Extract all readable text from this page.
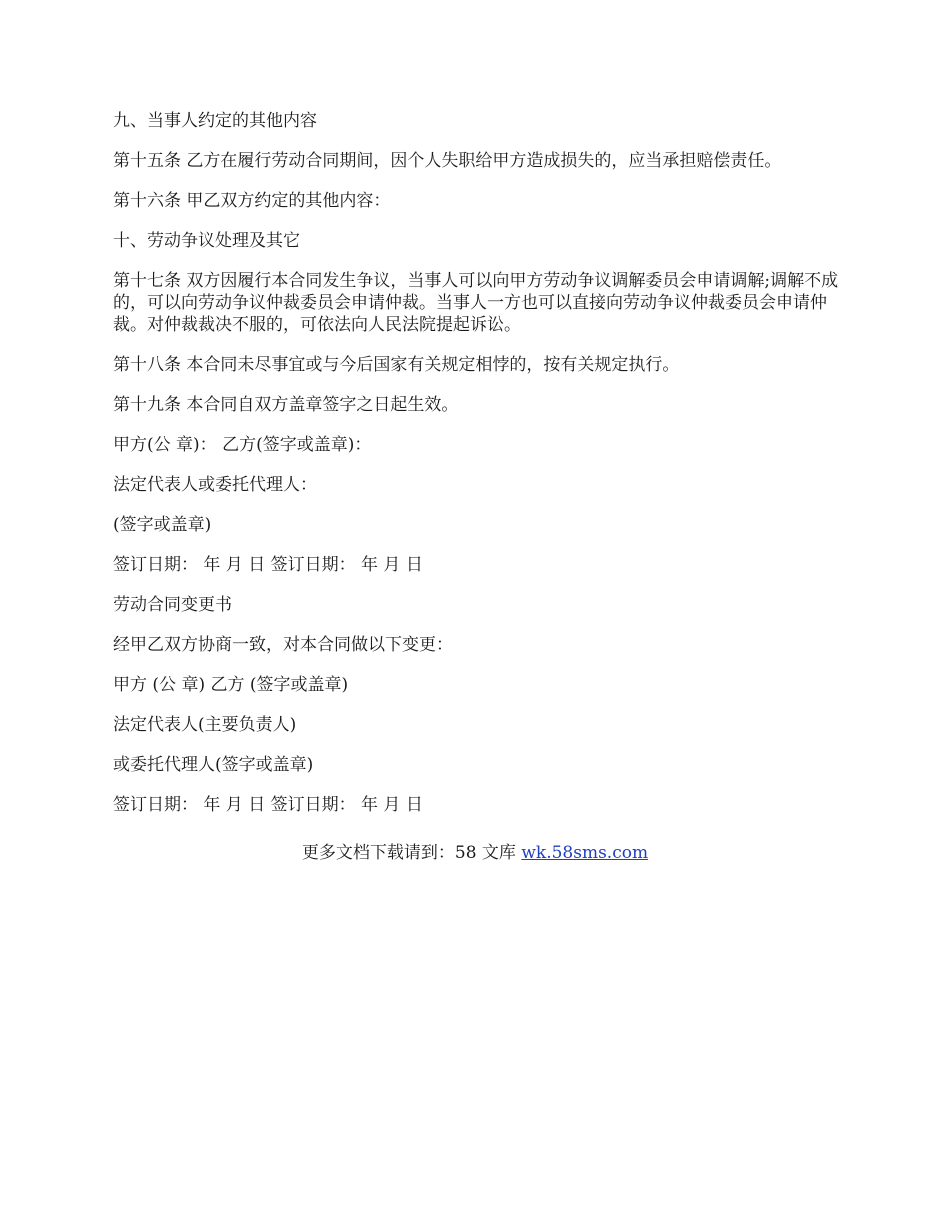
九、当事人约定的其他内容

第十五条 乙方在履行劳动合同期间，因个人失职给甲方造成损失的，应当承担赔偿责任。

第十六条 甲乙双方约定的其他内容：

十、劳动争议处理及其它

第十七条 双方因履行本合同发生争议，当事人可以向甲方劳动争议调解委员会申请调解;调解不成的，可以向劳动争议仲裁委员会申请仲裁。当事人一方也可以直接向劳动争议仲裁委员会申请仲裁。对仲裁裁决不服的，可依法向人民法院提起诉讼。

第十八条 本合同未尽事宜或与今后国家有关规定相悖的，按有关规定执行。

第十九条 本合同自双方盖章签字之日起生效。

甲方(公 章)： 乙方(签字或盖章)：

法定代表人或委托代理人：

(签字或盖章)

签订日期： 年 月 日 签订日期： 年 月 日

劳动合同变更书

经甲乙双方协商一致，对本合同做以下变更：

甲方 (公 章) 乙方 (签字或盖章)

法定代表人(主要负责人)

或委托代理人(签字或盖章)

签订日期： 年 月 日 签订日期： 年 月 日

更多文档下载请到：58 文库 wk.58sms.com
